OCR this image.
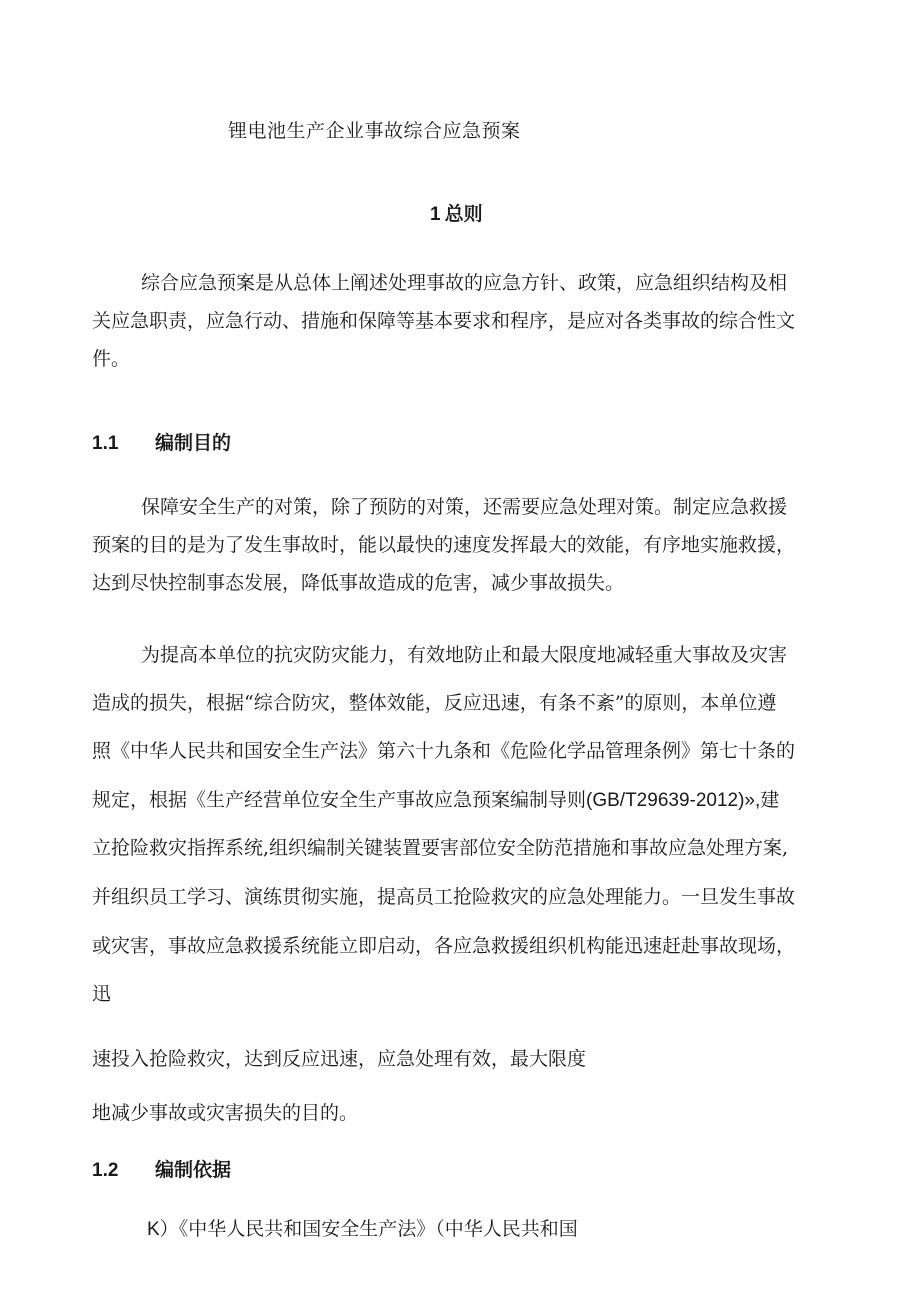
锂电池生产企业事故综合应急预案
1 总则

综合应急预案是从总体上阐述处理事故的应急方针、政策，应急组织结构及相

关应急职责，应急行动、措施和保障等基本要求和程序，是应对各类事故的综合性文

件。

1.1 编制目的

保障安全生产的对策，除了预防的对策，还需要应急处理对策。制定应急救援

预案的目的是为了发生事故时，能以最快的速度发挥最大的效能，有序地实施救援，

达到尽快控制事态发展，降低事故造成的危害，减少事故损失。

为提高本单位的抗灾防灾能力，有效地防止和最大限度地减轻重大事故及灾害

造成的损失，根据“综合防灾，整体效能，反应迅速，有条不紊”的原则，本单位遵

照《中华人民共和国安全生产法》第六十九条和《危险化学品管理条例》第七十条的

规定，根据《生产经营单位安全生产事故应急预案编制导则(GB/T29639-2012)»,建

立抢险救灾指挥系统,组织编制关键装置要害部位安全防范措施和事故应急处理方案,

并组织员工学习、演练贯彻实施，提高员工抢险救灾的应急处理能力。一旦发生事故

或灾害，事故应急救援系统能立即启动，各应急救援组织机构能迅速赶赴事故现场，

迅

速投入抢险救灾，达到反应迅速，应急处理有效，最大限度

地减少事故或灾害损失的目的。

1.2 编制依据

K）《中华人民共和国安全生产法》（中华人民共和国
